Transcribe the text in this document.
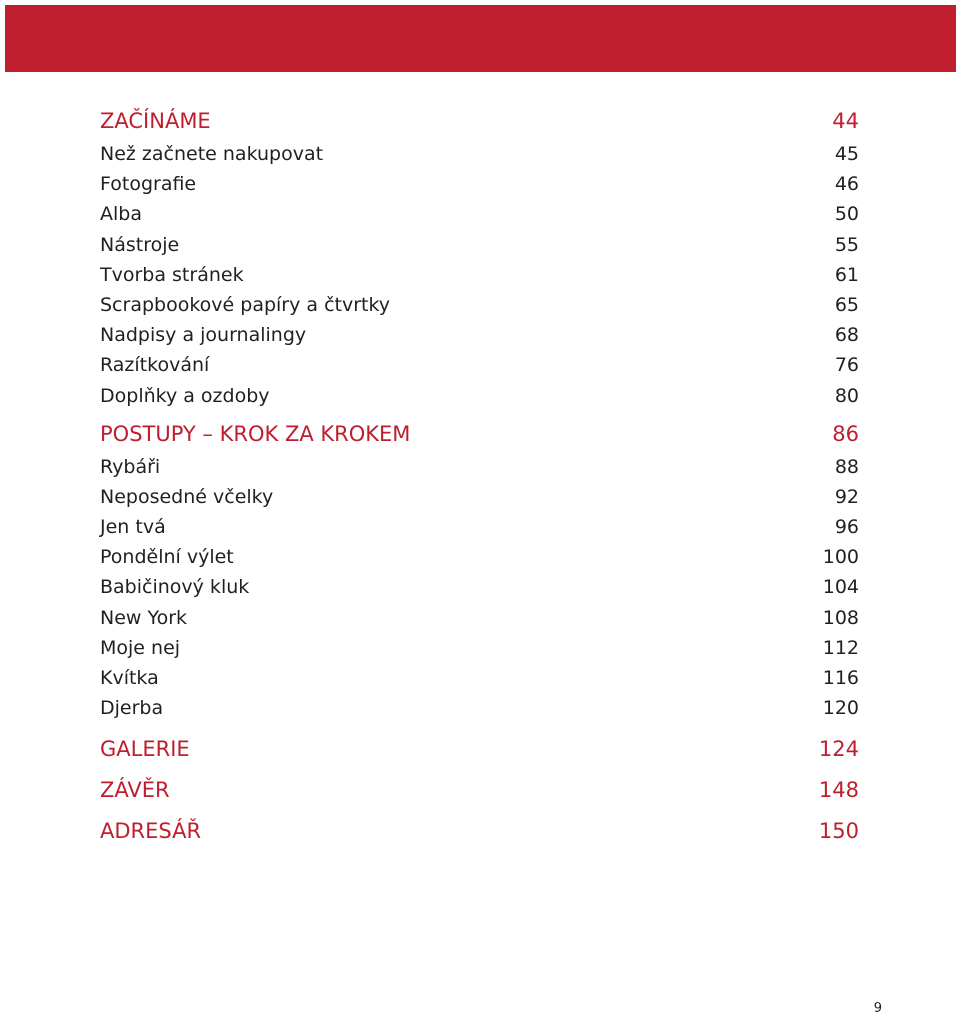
ZAČÍNÁME	44
Než začnete nakupovat	45
Fotografie	46
Alba	50
Nástroje	55
Tvorba stránek	61
Scrapbookové papíry a čtvrtky	65
Nadpisy a journalingy	68
Razítkování	76
Doplňky a ozdoby	80
POSTUPY – KROK ZA KROKEM	86
Rybáři	88
Neposedné včelky	92
Jen tvá	96
Pondělní výlet	100
Babičinový kluk	104
New York	108
Moje nej	112
Kvítka	116
Djerba	120
GALERIE	124
ZÁVĚR	148
ADRESÁŘ	150
9
